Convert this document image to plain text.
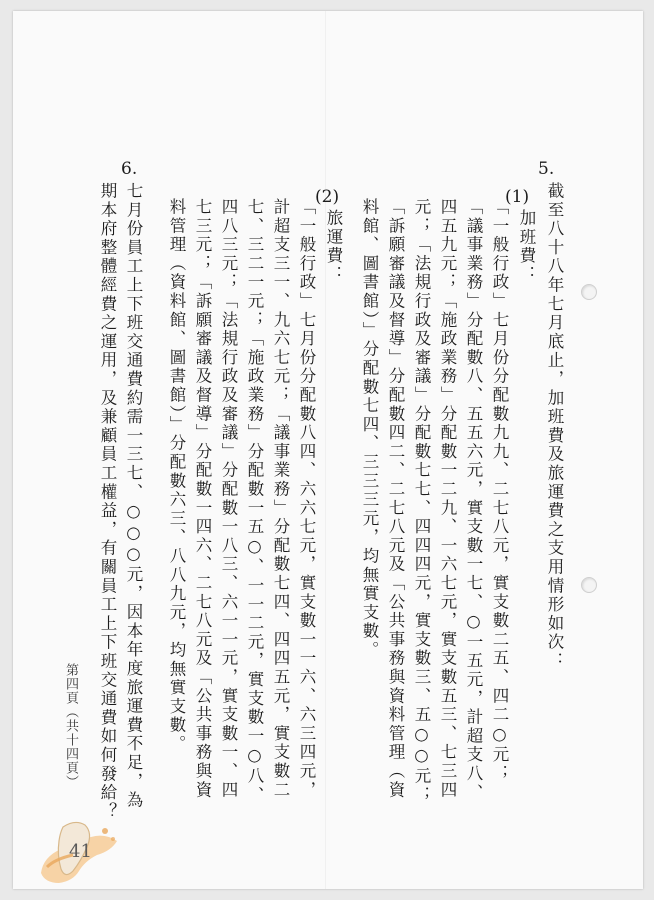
5.
截至八十八年七月底止，加班費及旅運費之支用情形如次：
(1)
加班費：
「一般行政」七月份分配數九九、二七八元，實支數二五、四二○元；
「議事業務」分配數八、五五六元，實支數一七、○一五元，計超支八、
四五九元；「施政業務」分配數一二九、一六七元，實支數五三、七三四
元；「法規行政及審議」分配數七七、四四四元，實支數三、五○○元；
「訴願審議及督導」分配數四二、二七八元及「公共事務與資料管理（資
料館、圖書館）」分配數七四、三三三元，均無實支數。
(2)
旅運費：
「一般行政」七月份分配數八四、六六七元，實支數一一六、六三四元，
計超支三一、九六七元；「議事業務」分配數七四、四四五元，實支數二
七、三二一元；「施政業務」分配數一五○、一一二元，實支數一○八、
四八三元；「法規行政及審議」分配數一八三、六一一元，實支數一、四
七三元；「訴願審議及督導」分配數一四六、二七八元及「公共事務與資
料管理（資料館、圖書館）」分配數六三、八八九元，均無實支數。
6.
七月份員工上下班交通費約需一三七、○○○元，因本年度旅運費不足，為
期本府整體經費之運用，及兼顧員工權益，有關員工上下班交通費如何發給？
第四頁（共十四頁）
41
